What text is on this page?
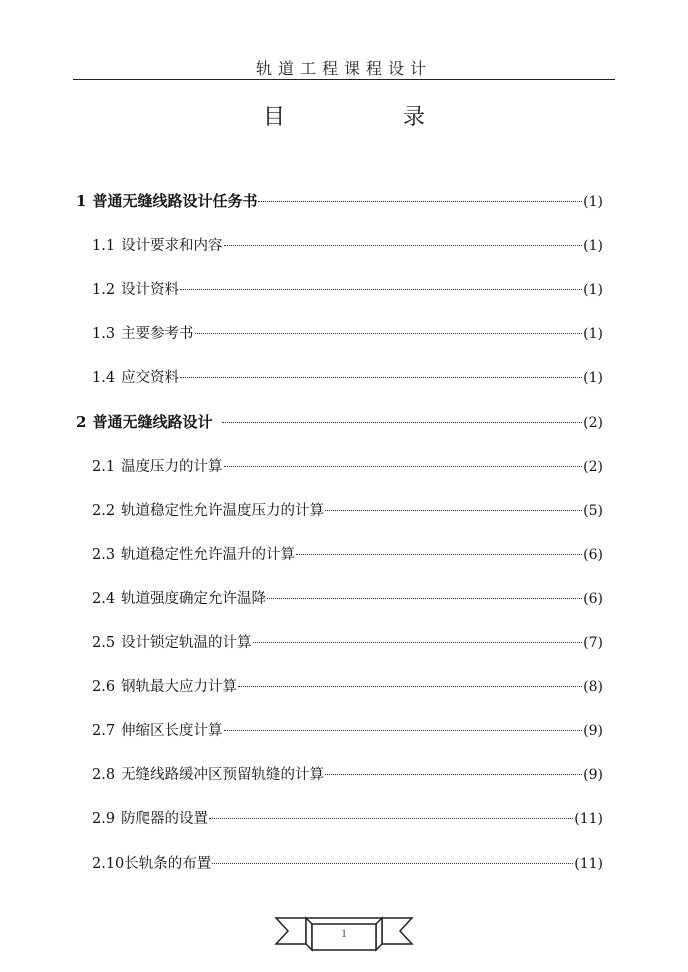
轨道工程课程设计
目　录
1 普通无缝线路设计任务书	(1)
1.1 设计要求和内容	(1)
1.2 设计资料	(1)
1.3 主要参考书	(1)
1.4 应交资料	(1)
2 普通无缝线路设计	(2)
2.1 温度压力的计算	(2)
2.2 轨道稳定性允许温度压力的计算	(5)
2.3 轨道稳定性允许温升的计算	(6)
2.4 轨道强度确定允许温降	(6)
2.5 设计锁定轨温的计算	(7)
2.6 钢轨最大应力计算	(8)
2.7 伸缩区长度计算	(9)
2.8 无缝线路缓冲区预留轨缝的计算	(9)
2.9 防爬器的设置	(11)
2.10 长轨条的布置	(11)
1
